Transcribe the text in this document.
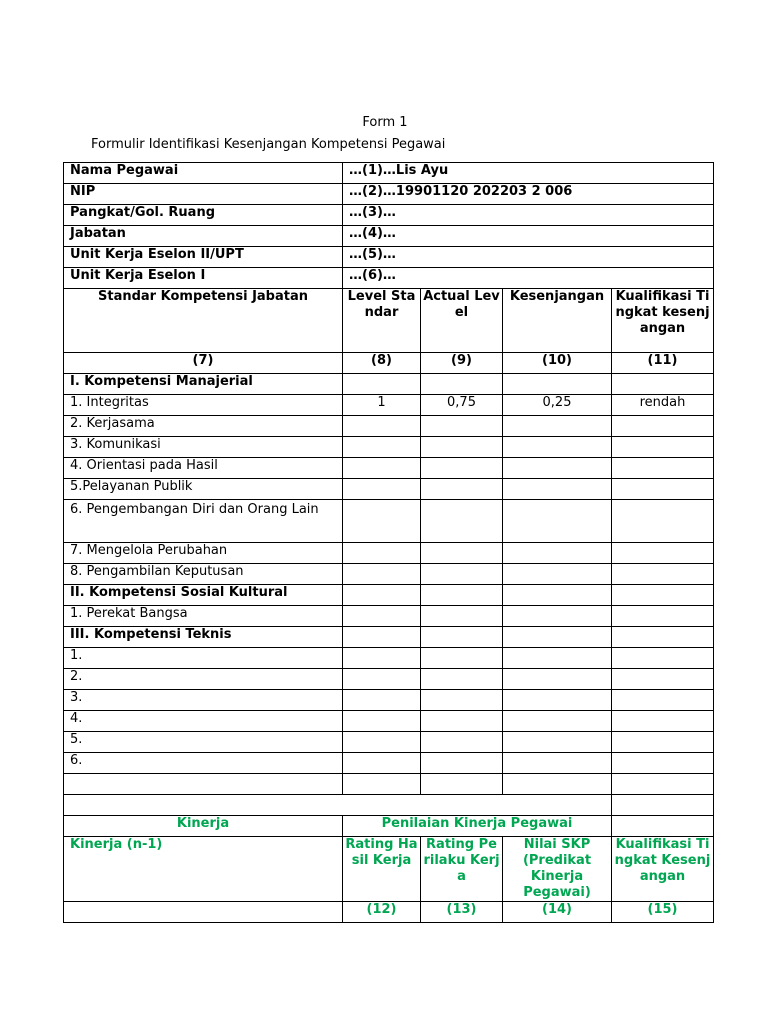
Form 1
Formulir Identifikasi Kesenjangan Kompetensi Pegawai
Nama Pegawai	…(1)…Lis Ayu			
NIP	…(2)…19901120 202203 2 006			
Pangkat/Gol. Ruang	…(3)…			
Jabatan	…(4)…			
Unit Kerja Eselon II/UPT	…(5)…			
Unit Kerja Eselon I	…(6)…			
Standar Kompetensi Jabatan	Level Standar	Actual Level	Kesenjangan	Kualifikasi Tingkat kesenjangan
(7)	(8)	(9)	(10)	(11)
I. Kompetensi Manajerial				
1. Integritas	1	0,75	0,25	rendah
2. Kerjasama				
3. Komunikasi				
4. Orientasi pada Hasil				
5.Pelayanan Publik				
6. Pengembangan Diri dan Orang Lain				
7. Mengelola Perubahan				
8. Pengambilan Keputusan				
II. Kompetensi Sosial Kultural				
1. Perekat Bangsa				
III. Kompetensi Teknis				
1.				
2.				
3.				
4.				
5.				
6.				

Kinerja	Penilaian Kinerja Pegawai			
Kinerja (n-1)	Rating Hasil Kerja	Rating Perilaku Kerja	Nilai SKP (Predikat Kinerja Pegawai)	Kualifikasi Tingkat Kesenjangan
	(12)	(13)	(14)	(15)
